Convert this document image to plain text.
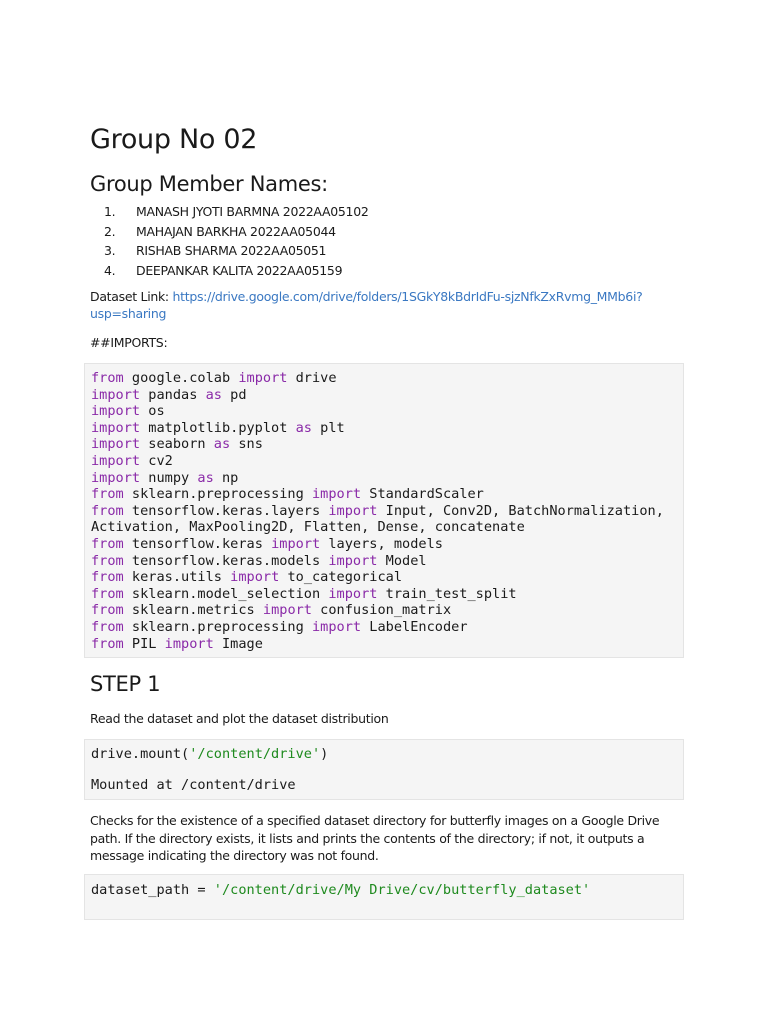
Group No 02
Group Member Names:
1.	MANASH JYOTI BARMNA 2022AA05102
2.	MAHAJAN BARKHA 2022AA05044
3.	RISHAB SHARMA 2022AA05051
4.	DEEPANKAR KALITA 2022AA05159
Dataset Link: https://drive.google.com/drive/folders/1SGkY8kBdrIdFu-sjzNfkZxRvmg_MMb6i?
usp=sharing
##IMPORTS:
from google.colab import drive
import pandas as pd
import os
import matplotlib.pyplot as plt
import seaborn as sns
import cv2
import numpy as np
from sklearn.preprocessing import StandardScaler
from tensorflow.keras.layers import Input, Conv2D, BatchNormalization,
Activation, MaxPooling2D, Flatten, Dense, concatenate
from tensorflow.keras import layers, models
from tensorflow.keras.models import Model
from keras.utils import to_categorical
from sklearn.model_selection import train_test_split
from sklearn.metrics import confusion_matrix
from sklearn.preprocessing import LabelEncoder
from PIL import Image
STEP 1
Read the dataset and plot the dataset distribution
drive.mount('/content/drive')
Mounted at /content/drive
Checks for the existence of a specified dataset directory for butterfly images on a Google Drive path. If the directory exists, it lists and prints the contents of the directory; if not, it outputs a message indicating the directory was not found.
dataset_path = '/content/drive/My Drive/cv/butterfly_dataset'
